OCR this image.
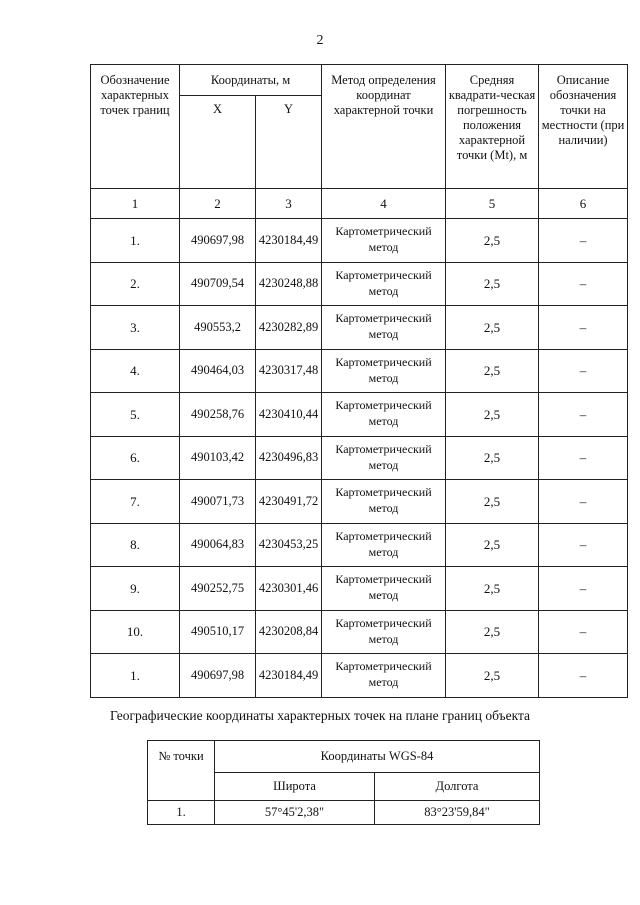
2
Обозначение характерных точек границ	Координаты, м		Метод определения координат характерной точки	Средняя квадрати-ческая погрешность положения характерной точки (Mt), м	Описание обозначения точки на местности (при наличии)
	X	Y			
1	2	3	4	5	6
1.	490697,98	4230184,49	Картометрический метод	2,5	–
2.	490709,54	4230248,88	Картометрический метод	2,5	–
3.	490553,2	4230282,89	Картометрический метод	2,5	–
4.	490464,03	4230317,48	Картометрический метод	2,5	–
5.	490258,76	4230410,44	Картометрический метод	2,5	–
6.	490103,42	4230496,83	Картометрический метод	2,5	–
7.	490071,73	4230491,72	Картометрический метод	2,5	–
8.	490064,83	4230453,25	Картометрический метод	2,5	–
9.	490252,75	4230301,46	Картометрический метод	2,5	–
10.	490510,17	4230208,84	Картометрический метод	2,5	–
1.	490697,98	4230184,49	Картометрический метод	2,5	–
Географические координаты характерных точек на плане границ объекта
№ точки	Координаты WGS-84	
	Широта	Долгота
1.	57°45'2,38"	83°23'59,84"
